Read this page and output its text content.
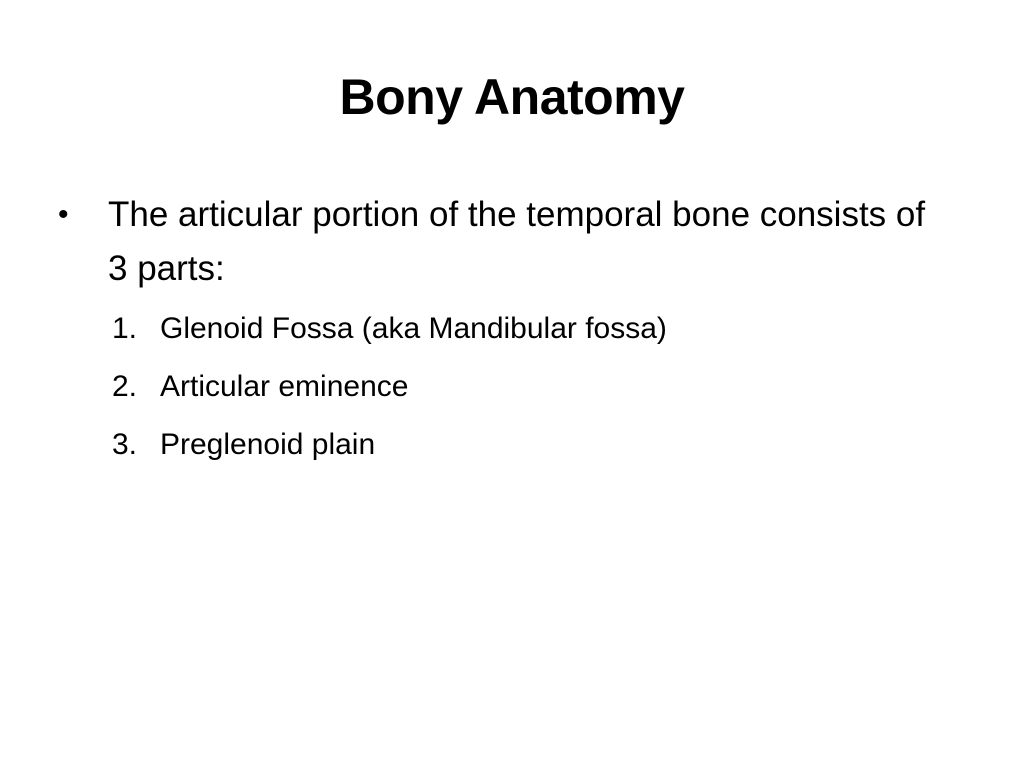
Bony Anatomy
• The articular portion of the temporal bone consists of 3 parts:
1. Glenoid Fossa (aka Mandibular fossa)
2. Articular eminence
3. Preglenoid plain
